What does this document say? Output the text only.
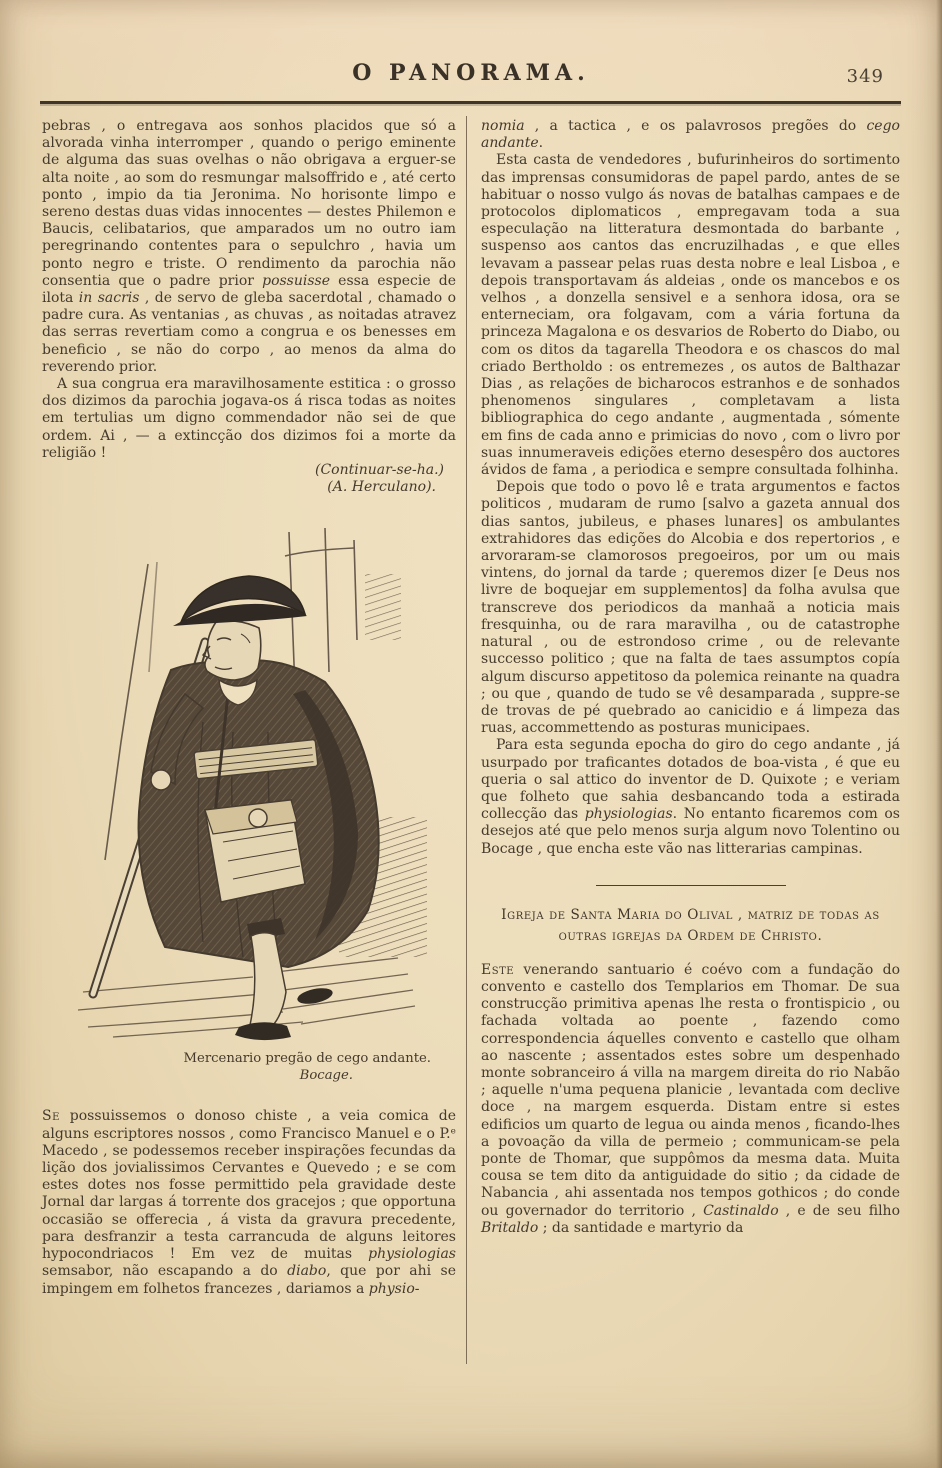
O PANORAMA.	349

pebras , o entregava aos sonhos placidos que só a alvorada vinha interromper , quando o perigo eminente de alguma das suas ovelhas o não obrigava a erguer-se alta noite , ao som do resmungar malsoffrido e , até certo ponto , impio da tia Jeronima. No horisonte limpo e sereno destas duas vidas innocentes — destes Philemon e Baucis, celibatarios, que amparados um no outro iam peregrinando contentes para o sepulchro , havia um ponto negro e triste. O rendimento da parochia não consentia que o padre prior possuisse essa especie de ilota in sacris , de servo de gleba sacerdotal , chamado o padre cura. As ventanias , as chuvas , as noitadas atravez das serras revertiam como a congrua e os benesses em beneficio , se não do corpo , ao menos da alma do reverendo prior.

A sua congrua era maravilhosamente estitica : o grosso dos dizimos da parochia jogava-os á risca todas as noites em tertulias um digno commendador não sei de que ordem. Ai , — a extincção dos dizimos foi a morte da religião !

(Continuar-se-ha.)

(A. Herculano).

Mercenario pregão de cego andante.
Bocage.

Se possuissemos o donoso chiste , a veia comica de alguns escriptores nossos , como Francisco Manuel e o P.ᵉ Macedo , se podessemos receber inspirações fecundas da lição dos jovialissimos Cervantes e Quevedo ; e se com estes dotes nos fosse permittido pela gravidade deste Jornal dar largas á torrente dos gracejos ; que opportuna occasião se offerecia , á vista da gravura precedente, para desfranzir a testa carrancuda de alguns leitores hypocondriacos ! Em vez de muitas physiologias semsabor, não escapando a do diabo, que por ahi se impingem em folhetos francezes , dariamos a physio-

nomia , a tactica , e os palavrosos pregões do cego andante.

Esta casta de vendedores , bufurinheiros do sortimento das imprensas consumidoras de papel pardo, antes de se habituar o nosso vulgo ás novas de batalhas campaes e de protocolos diplomaticos , empregavam toda a sua especulação na litteratura desmontada do barbante , suspenso aos cantos das encruzilhadas , e que elles levavam a passear pelas ruas desta nobre e leal Lisboa , e depois transportavam ás aldeias , onde os mancebos e os velhos , a donzella sensivel e a senhora idosa, ora se enterneciam, ora folgavam, com a vária fortuna da princeza Magalona e os desvarios de Roberto do Diabo, ou com os ditos da tagarella Theodora e os chascos do mal criado Bertholdo : os entremezes , os autos de Balthazar Dias , as relações de bicharocos estranhos e de sonhados phenomenos singulares , completavam a lista bibliographica do cego andante , augmentada , sómente em fins de cada anno e primicias do novo , com o livro por suas innumeraveis edições eterno desespêro dos auctores ávidos de fama , a periodica e sempre consultada folhinha.

Depois que todo o povo lê e trata argumentos e factos politicos , mudaram de rumo [salvo a gazeta annual dos dias santos, jubileus, e phases lunares] os ambulantes extrahidores das edições do Alcobia e dos repertorios , e arvoraram-se clamorosos pregoeiros, por um ou mais vintens, do jornal da tarde ; queremos dizer [e Deus nos livre de boquejar em supplementos] da folha avulsa que transcreve dos periodicos da manhaã a noticia mais fresquinha, ou de rara maravilha , ou de catastrophe natural , ou de estrondoso crime , ou de relevante successo politico ; que na falta de taes assumptos copía algum discurso appetitoso da polemica reinante na quadra ; ou que , quando de tudo se vê desamparada , suppre-se de trovas de pé quebrado ao canicidio e á limpeza das ruas, accommettendo as posturas municipaes.

Para esta segunda epocha do giro do cego andante , já usurpado por traficantes dotados de boa-vista , é que eu queria o sal attico do inventor de D. Quixote ; e veriam que folheto que sahia desbancando toda a estirada collecção das physiologias. No entanto ficaremos com os desejos até que pelo menos surja algum novo Tolentino ou Bocage , que encha este vão nas litterarias campinas.

Igreja de Santa Maria do Olival , matriz de todas as outras igrejas da Ordem de Christo.

Este venerando santuario é coévo com a fundação do convento e castello dos Templarios em Thomar. De sua construcção primitiva apenas lhe resta o frontispicio , ou fachada voltada ao poente , fazendo como correspondencia áquelles convento e castello que olham ao nascente ; assentados estes sobre um despenhado monte sobranceiro á villa na margem direita do rio Nabão ; aquelle n'uma pequena planicie , levantada com declive doce , na margem esquerda. Distam entre si estes edificios um quarto de legua ou ainda menos , ficando-lhes a povoação da villa de permeio ; communicam-se pela ponte de Thomar, que suppômos da mesma data. Muita cousa se tem dito da antiguidade do sitio ; da cidade de Nabancia , ahi assentada nos tempos gothicos ; do conde ou governador do territorio , Castinaldo , e de seu filho Britaldo ; da santidade e martyrio da
